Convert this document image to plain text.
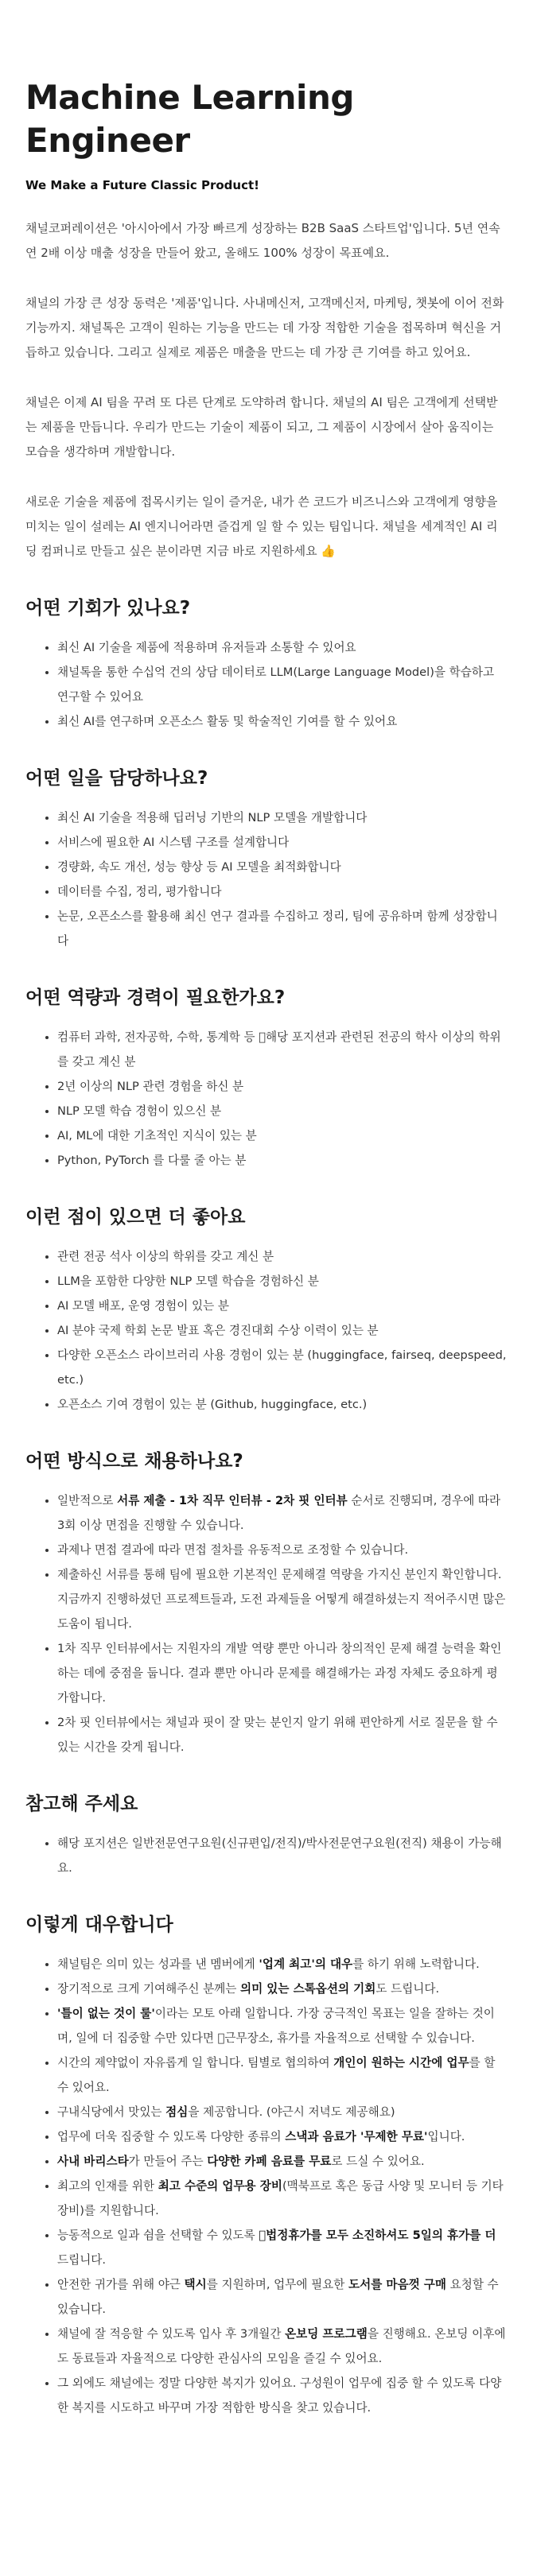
Machine Learning Engineer

We Make a Future Classic Product!

채널코퍼레이션은 '아시아에서 가장 빠르게 성장하는 B2B SaaS 스타트업'입니다. 5년 연속 연 2배 이상 매출 성장을 만들어 왔고, 올해도 100% 성장이 목표예요.

채널의 가장 큰 성장 동력은 '제품'입니다. 사내메신저, 고객메신저, 마케팅, 챗봇에 이어 전화 기능까지. 채널톡은 고객이 원하는 기능을 만드는 데 가장 적합한 기술을 접목하며 혁신을 거듭하고 있습니다. 그리고 실제로 제품은 매출을 만드는 데 가장 큰 기여를 하고 있어요.

채널은 이제 AI 팀을 꾸려 또 다른 단계로 도약하려 합니다. 채널의 AI 팀은 고객에게 선택받는 제품을 만듭니다. 우리가 만드는 기술이 제품이 되고, 그 제품이 시장에서 살아 움직이는 모습을 생각하며 개발합니다.

새로운 기술을 제품에 접목시키는 일이 즐거운, 내가 쓴 코드가 비즈니스와 고객에게 영향을 미치는 일이 설레는 AI 엔지니어라면 즐겁게 일 할 수 있는 팀입니다. 채널을 세계적인 AI 리딩 컴퍼니로 만들고 싶은 분이라면 지금 바로 지원하세요 👍

어떤 기회가 있나요?
• 최신 AI 기술을 제품에 적용하며 유저들과 소통할 수 있어요
• 채널톡을 통한 수십억 건의 상담 데이터로 LLM(Large Language Model)을 학습하고 연구할 수 있어요
• 최신 AI를 연구하며 오픈소스 활동 및 학술적인 기여를 할 수 있어요
어떤 일을 담당하나요?
• 최신 AI 기술을 적용해 딥러닝 기반의 NLP 모델을 개발합니다
• 서비스에 필요한 AI 시스템 구조를 설계합니다
• 경량화, 속도 개선, 성능 향상 등 AI 모델을 최적화합니다
• 데이터를 수집, 정리, 평가합니다
• 논문, 오픈소스를 활용해 최신 연구 결과를 수집하고 정리, 팀에 공유하며 함께 성장합니다
어떤 역량과 경력이 필요한가요?
• 컴퓨터 과학, 전자공학, 수학, 통계학 등  해당 포지션과 관련된 전공의 학사 이상의 학위를 갖고 계신 분
• 2년 이상의 NLP 관련 경험을 하신 분
• NLP 모델 학습 경험이 있으신 분
• AI, ML에 대한 기초적인 지식이 있는 분
• Python, PyTorch 를 다룰 줄 아는 분
이런 점이 있으면 더 좋아요
• 관련 전공 석사 이상의 학위를 갖고 계신 분
• LLM을 포함한 다양한 NLP 모델 학습을 경험하신 분
• AI 모델 배포, 운영 경험이 있는 분
• AI 분야 국제 학회 논문 발표 혹은 경진대회 수상 이력이 있는 분
• 다양한 오픈소스 라이브러리 사용 경험이 있는 분 (huggingface, fairseq, deepspeed, etc.)
• 오픈소스 기여 경험이 있는 분 (Github, huggingface, etc.)
어떤 방식으로 채용하나요?
• 일반적으로 서류 제출 - 1차 직무 인터뷰 - 2차 핏 인터뷰 순서로 진행되며, 경우에 따라 3회 이상 면접을 진행할 수 있습니다.
• 과제나 면접 결과에 따라 면접 절차를 유동적으로 조정할 수 있습니다.
• 제출하신 서류를 통해 팀에 필요한 기본적인 문제해결 역량을 가지신 분인지 확인합니다. 지금까지 진행하셨던 프로젝트들과, 도전 과제들을 어떻게 해결하셨는지 적어주시면 많은 도움이 됩니다.
• 1차 직무 인터뷰에서는 지원자의 개발 역량 뿐만 아니라 창의적인 문제 해결 능력을 확인하는 데에 중점을 둡니다. 결과 뿐만 아니라 문제를 해결해가는 과정 자체도 중요하게 평가합니다.
• 2차 핏 인터뷰에서는 채널과 핏이 잘 맞는 분인지 알기 위해 편안하게 서로 질문을 할 수 있는 시간을 갖게 됩니다.
참고해 주세요
• 해당 포지션은 일반전문연구요원(신규편입/전직)/박사전문연구요원(전직) 채용이 가능해요.
이렇게 대우합니다
• 채널팀은 의미 있는 성과를 낸 멤버에게 '업계 최고'의 대우를 하기 위해 노력합니다.
• 장기적으로 크게 기여해주신 분께는 의미 있는 스톡옵션의 기회도 드립니다.
• '틀이 없는 것이 룰'이라는 모토 아래 일합니다. 가장 궁극적인 목표는 일을 잘하는 것이며, 일에 더 집중할 수만 있다면  근무장소, 휴가를 자율적으로 선택할 수 있습니다.
• 시간의 제약없이 자유롭게 일 합니다. 팀별로 협의하여 개인이 원하는 시간에 업무를 할 수 있어요.
• 구내식당에서 맛있는 점심을 제공합니다. (야근시 저녁도 제공해요)
• 업무에 더욱 집중할 수 있도록 다양한 종류의 스낵과 음료가 '무제한 무료'입니다.
• 사내 바리스타가 만들어 주는 다양한 카페 음료를 무료로 드실 수 있어요.
• 최고의 인재를 위한 최고 수준의 업무용 장비(맥북프로 혹은 동급 사양 및 모니터 등 기타 장비)를 지원합니다.
• 능동적으로 일과 쉼을 선택할 수 있도록  법정휴가를 모두 소진하셔도 5일의 휴가를 더 드립니다.
• 안전한 귀가를 위해 야근 택시를 지원하며, 업무에 필요한 도서를 마음껏 구매 요청할 수 있습니다.
• 채널에 잘 적응할 수 있도록 입사 후 3개월간 온보딩 프로그램을 진행해요. 온보딩 이후에도 동료들과 자율적으로 다양한 관심사의 모임을 즐길 수 있어요.
• 그 외에도 채널에는 정말 다양한 복지가 있어요. 구성원이 업무에 집중 할 수 있도록 다양한 복지를 시도하고 바꾸며 가장 적합한 방식을 찾고 있습니다.
